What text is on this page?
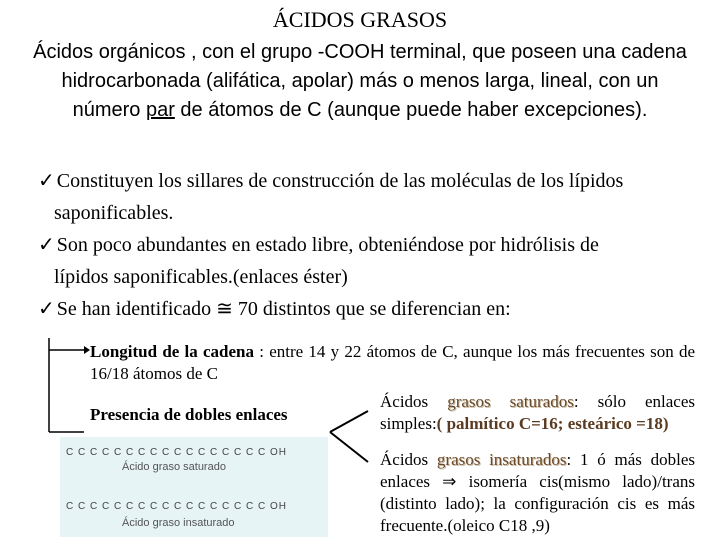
ÁCIDOS GRASOS
Ácidos orgánicos , con el grupo -COOH terminal, que poseen una cadena hidrocarbonada (alifática, apolar) más o menos larga, lineal, con un número par de átomos de C (aunque puede haber excepciones).
✓ Constituyen los sillares de construcción de las moléculas de los lípidos
saponificables.
✓ Son poco abundantes en estado libre, obteniéndose por hidrólisis de
lípidos saponificables.(enlaces éster)
✓ Se han identificado ≅ 70 distintos que se diferencian en:
Longitud de la cadena : entre 14 y 22 átomos de C, aunque los más frecuentes son de 16/18 átomos de C
Presencia de dobles enlaces
Ácidos grasos saturados: sólo enlaces simples:( palmítico C=16; esteárico =18)
Ácidos grasos insaturados: 1 ó más dobles enlaces ⇒ isomería cis(mismo lado)/trans (distinto lado); la configuración cis es más frecuente.(oleico C18 ,9)
C C C C C C C C C C C C C C C C C OH
Ácido graso saturado
C C C C C C C C C C C C C C C C C OH
Ácido graso insaturado
